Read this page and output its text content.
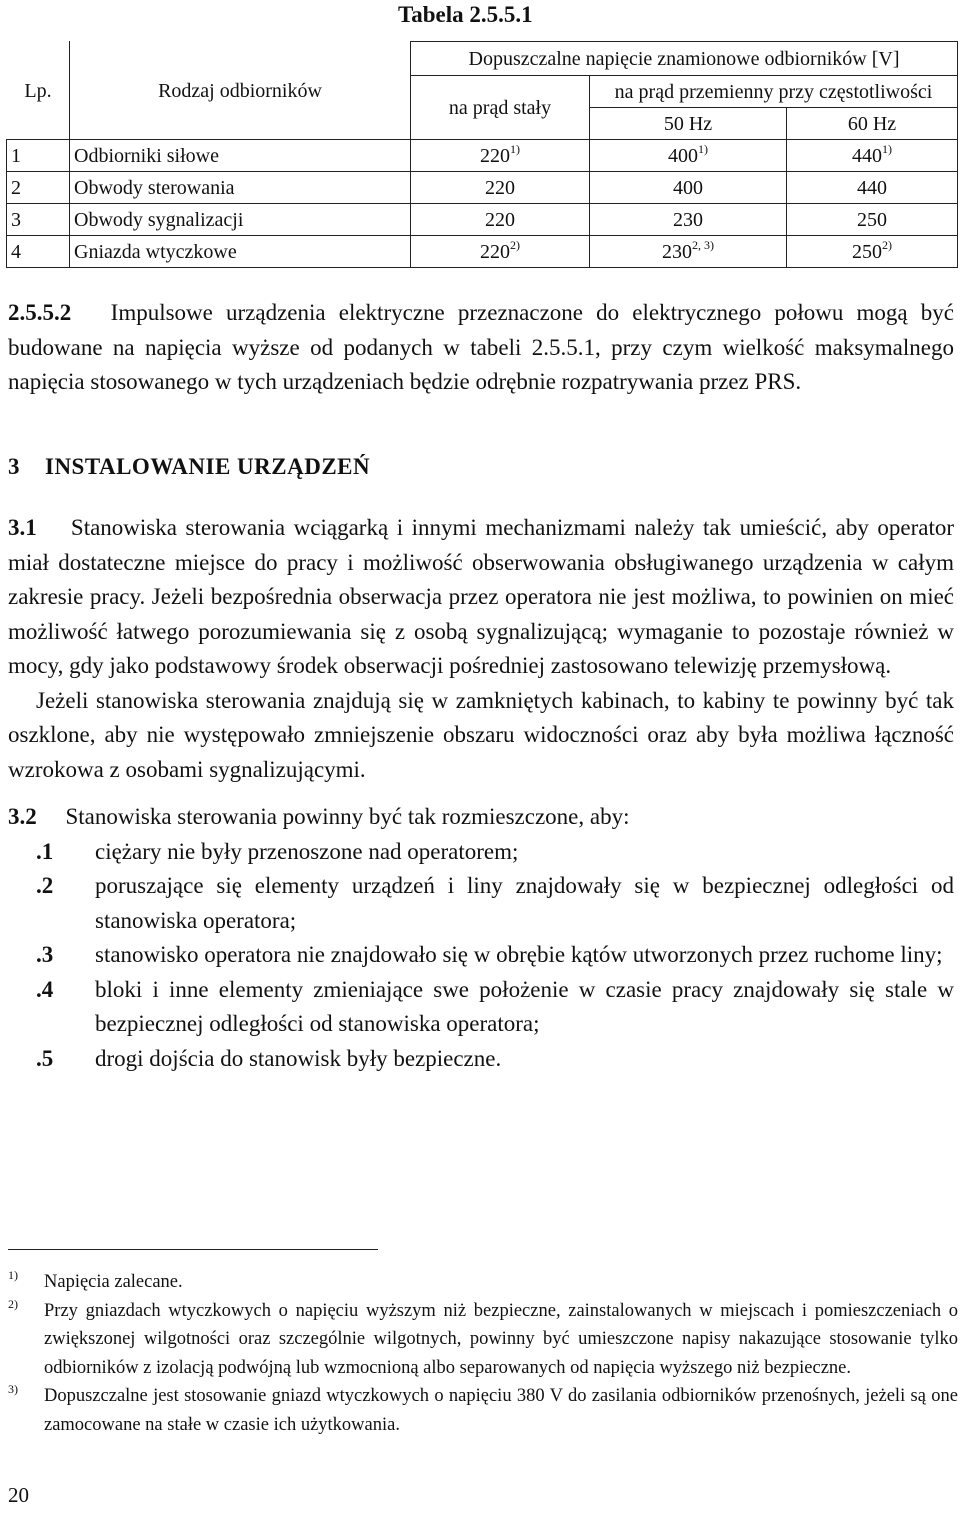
Tabela 2.5.5.1
Lp.	Rodzaj odbiorników	Dopuszczalne napięcie znamionowe odbiorników [V]		
		na prąd stały	na prąd przemienny przy częstotliwości	
			50 Hz	60 Hz
1	Odbiorniki siłowe	220$^{1)}$	400$^{1)}$	440$^{1)}$
2	Obwody sterowania	220	400	440
3	Obwody sygnalizacji	220	230	250
4	Gniazda wtyczkowe	220$^{2)}$	230$^{2, 3)}$	250$^{2)}$

2.5.5.2 Impulsowe urządzenia elektryczne przeznaczone do elektrycznego połowu mogą być budowane na napięcia wyższe od podanych w tabeli 2.5.5.1, przy czym wielkość maksymalnego napięcia stosowanego w tych urządzeniach będzie odrębnie rozpatrywania przez PRS.

3 INSTALOWANIE URZĄDZEŃ

3.1 Stanowiska sterowania wciągarką i innymi mechanizmami należy tak umieścić, aby operator miał dostateczne miejsce do pracy i możliwość obserwowania obsługiwanego urządzenia w całym zakresie pracy. Jeżeli bezpośrednia obserwacja przez operatora nie jest możliwa, to powinien on mieć możliwość łatwego porozumiewania się z osobą sygnalizującą; wymaganie to pozostaje również w mocy, gdy jako podstawowy środek obserwacji pośredniej zastosowano telewizję przemysłową.

Jeżeli stanowiska sterowania znajdują się w zamkniętych kabinach, to kabiny te powinny być tak oszklone, aby nie występowało zmniejszenie obszaru widoczności oraz aby była możliwa łączność wzrokowa z osobami sygnalizującymi.

3.2 Stanowiska sterowania powinny być tak rozmieszczone, aby:

.1 ciężary nie były przenoszone nad operatorem;
.2 poruszające się elementy urządzeń i liny znajdowały się w bezpiecznej odległości od stanowiska operatora;
.3 stanowisko operatora nie znajdowało się w obrębie kątów utworzonych przez ruchome liny;
.4 bloki i inne elementy zmieniające swe położenie w czasie pracy znajdowały się stale w bezpiecznej odległości od stanowiska operatora;
.5 drogi dojścia do stanowisk były bezpieczne.
1) Napięcia zalecane.
2) Przy gniazdach wtyczkowych o napięciu wyższym niż bezpieczne, zainstalowanych w miejscach i pomieszczeniach o zwiększonej wilgotności oraz szczególnie wilgotnych, powinny być umieszczone napisy nakazujące stosowanie tylko odbiorników z izolacją podwójną lub wzmocnioną albo separowanych od napięcia wyższego niż bezpieczne.
3) Dopuszczalne jest stosowanie gniazd wtyczkowych o napięciu 380 V do zasilania odbiorników przenośnych, jeżeli są one zamocowane na stałe w czasie ich użytkowania.
20
